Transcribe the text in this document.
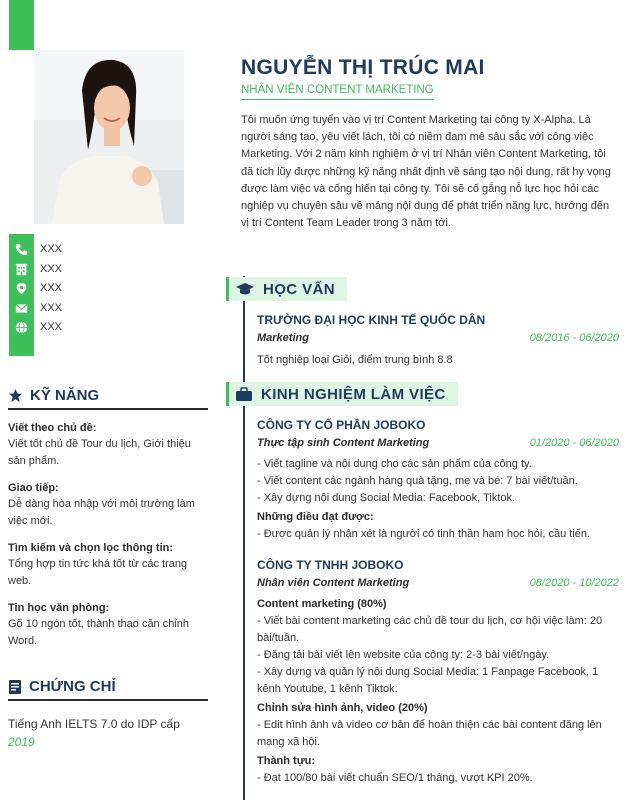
XXX
XXX
XXX
XXX
XXX
KỸ NĂNG
Viết theo chủ đề:
Viết tốt chủ đề Tour du lịch, Giới thiệu sản phẩm.
Giao tiếp:
Dễ dàng hòa nhập với môi trường làm việc mới.
Tìm kiếm và chọn lọc thông tin:
Tổng hợp tin tức khá tốt từ các trang web.
Tin học văn phòng:
Gõ 10 ngón tốt, thành thạo căn chỉnh Word.
CHỨNG CHỈ
Tiếng Anh IELTS 7.0 do IDP cấp
2019
NGUYỄN THỊ TRÚC MAI
NHÂN VIÊN CONTENT MARKETING
Tôi muốn ứng tuyển vào vị trí Content Marketing tại công ty X-Alpha. Là người sáng tạo, yêu viết lách, tôi có niềm đam mê sâu sắc với công việc Marketing. Với 2 năm kinh nghiệm ở vị trí Nhân viên Content Marketing, tôi đã tích lũy được những kỹ năng nhất định về sáng tạo nội dung, rất hy vọng được làm việc và cống hiến tại công ty. Tôi sẽ cố gắng nỗ lực học hỏi các nghiệp vụ chuyên sâu về mảng nội dung để phát triển năng lực, hướng đến vị trí Content Team Leader trong 3 năm tới.
HỌC VẤN
TRƯỜNG ĐẠI HỌC KINH TẾ QUỐC DÂN
Marketing	08/2016 - 06/2020
Tốt nghiệp loại Giỏi, điểm trung bình 8.8
KINH NGHIỆM LÀM VIỆC
CÔNG TY CỔ PHẦN JOBOKO
Thực tập sinh Content Marketing	01/2020 - 06/2020
- Viết tagline và nội dung cho các sản phẩm của công ty.
- Viết content các ngành hàng quà tặng, mẹ và bé: 7 bài viết/tuần.
- Xây dựng nội dung Social Media: Facebook, Tiktok.
Những điều đạt được:
- Được quản lý nhận xét là người có tinh thần ham học hỏi, cầu tiến.
CÔNG TY TNHH JOBOKO
Nhân viên Content Marketing	08/2020 - 10/2022
Content marketing (80%)
- Viết bài content marketing các chủ đề tour du lịch, cơ hội việc làm: 20 bài/tuần.
- Đăng tải bài viết lên website của công ty: 2-3 bài viết/ngày.
- Xây dựng và quản lý nội dung Social Media: 1 Fanpage Facebook, 1 kênh Youtube, 1 kênh Tiktok.
Chỉnh sửa hình ảnh, video (20%)
- Edit hình ảnh và video cơ bản để hoàn thiện các bài content đăng lên mạng xã hội.
Thành tựu:
- Đạt 100/80 bài viết chuẩn SEO/1 tháng, vượt KPI 20%.
